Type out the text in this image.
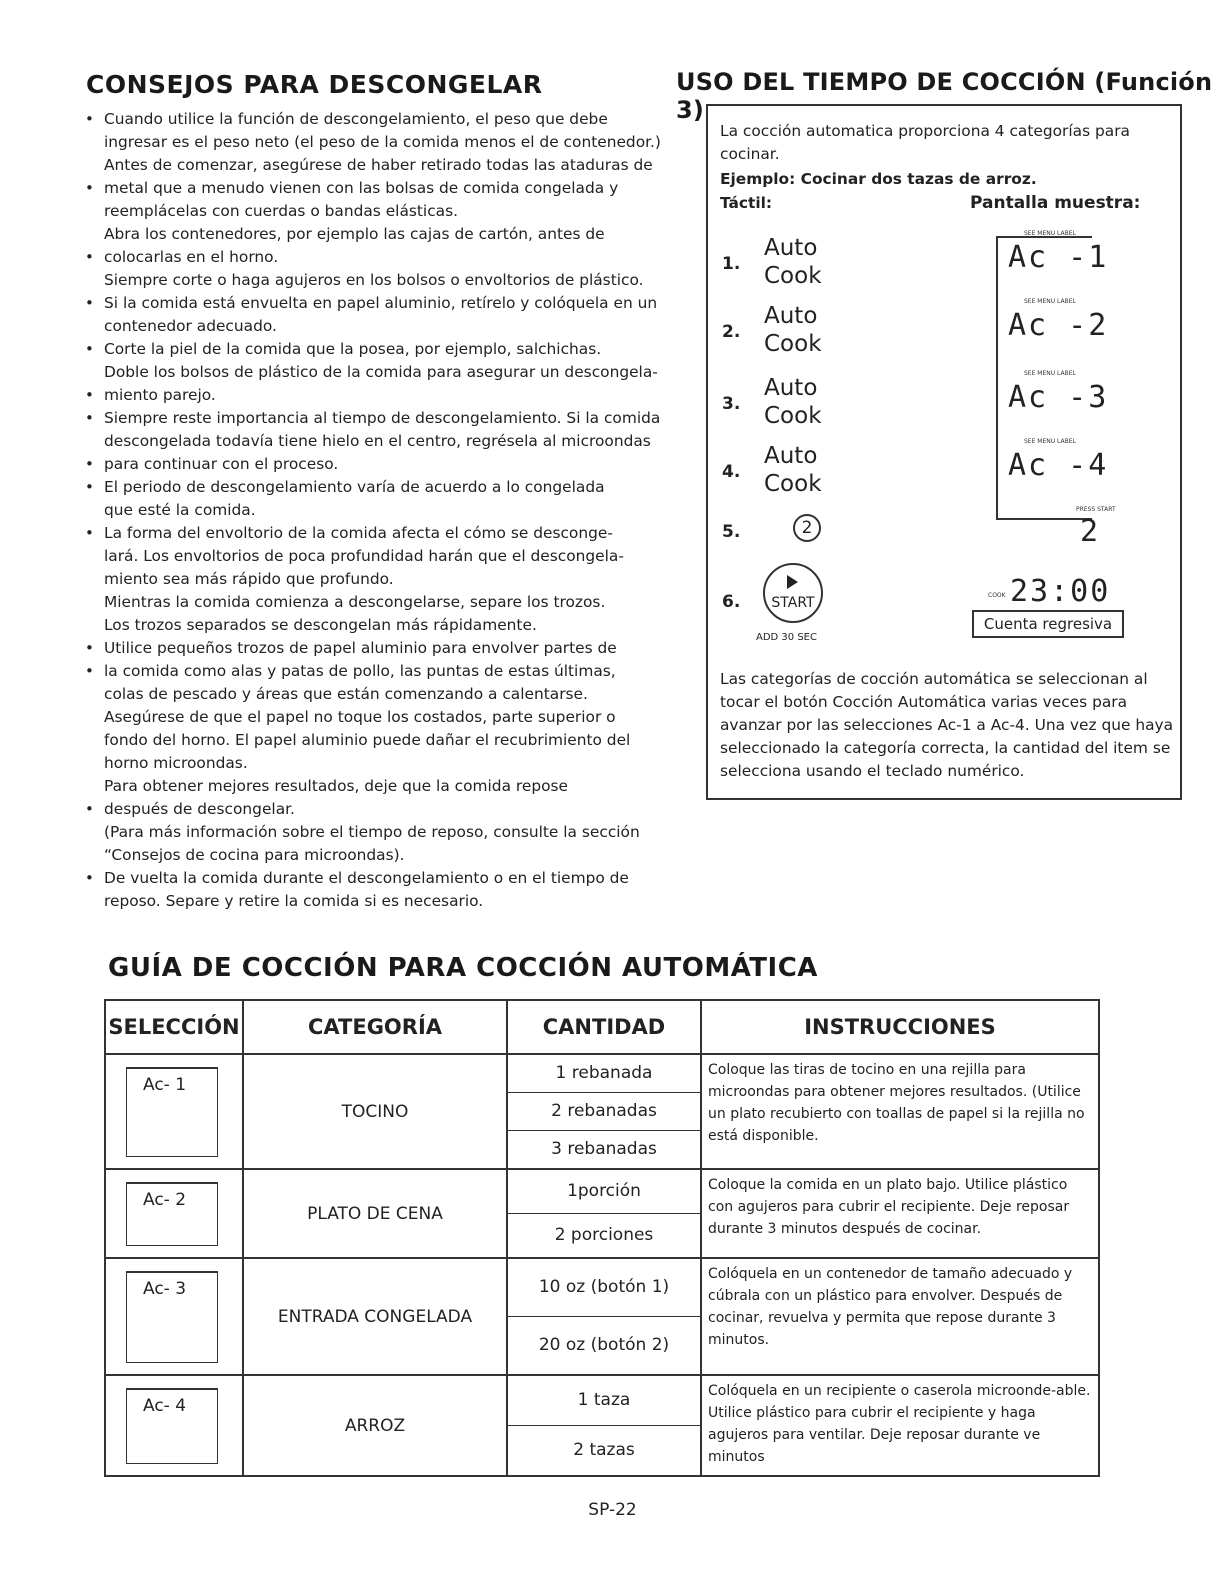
CONSEJOS PARA DESCONGELAR	USO DEL TIEMPO DE COCCIÓN (Función 3)
• Cuando utilice la función de descongelamiento, el peso que debe
ingresar es el peso neto (el peso de la comida menos el de contenedor.)
Antes de comenzar, asegúrese de haber retirado todas las ataduras de
• metal que a menudo vienen con las bolsas de comida congelada y
reemplácelas con cuerdas o bandas elásticas.
Abra los contenedores, por ejemplo las cajas de cartón, antes de
• colocarlas en el horno.
Siempre corte o haga agujeros en los bolsos o envoltorios de plástico.
• Si la comida está envuelta en papel aluminio, retírelo y colóquela en un
contenedor adecuado.
• Corte la piel de la comida que la posea, por ejemplo, salchichas.
Doble los bolsos de plástico de la comida para asegurar un descongela-
• miento parejo.
• Siempre reste importancia al tiempo de descongelamiento. Si la comida
descongelada todavía tiene hielo en el centro, regrésela al microondas
• para continuar con el proceso.
• El periodo de descongelamiento varía de acuerdo a lo congelada
que esté la comida.
• La forma del envoltorio de la comida afecta el cómo se desconge-
lará. Los envoltorios de poca profundidad harán que el descongela-
miento sea más rápido que profundo.
Mientras la comida comienza a descongelarse, separe los trozos.
Los trozos separados se descongelan más rápidamente.
• Utilice pequeños trozos de papel aluminio para envolver partes de
• la comida como alas y patas de pollo, las puntas de estas últimas,
colas de pescado y áreas que están comenzando a calentarse.
Asegúrese de que el papel no toque los costados, parte superior o
fondo del horno. El papel aluminio puede dañar el recubrimiento del
horno microondas.
Para obtener mejores resultados, deje que la comida repose
• después de descongelar.
(Para más información sobre el tiempo de reposo, consulte la sección
“Consejos de cocina para microondas).
• De vuelta la comida durante el descongelamiento o en el tiempo de
reposo. Separe y retire la comida si es necesario.
La cocción automatica proporciona 4 categorías para cocinar.
Ejemplo: Cocinar dos tazas de arroz.
Táctil:	Pantalla muestra:
1.
Auto
Cook
SEE MENU LABEL
Ac -1
2.
Auto
Cook
SEE MENU LABEL
Ac -2
3.
Auto
Cook
SEE MENU LABEL
Ac -3
4.
Auto
Cook
SEE MENU LABEL
Ac -4
5.	2
PRESS START
2
6.	START
ADD 30 SEC
COOK 23:00
Cuenta regresiva
Las categorías de cocción automática se seleccionan al tocar el botón Cocción Automática varias veces para avanzar por las selecciones Ac-1 a Ac-4. Una vez que haya seleccionado la categoría correcta, la cantidad del item se selecciona usando el teclado numérico.
GUÍA DE COCCIÓN PARA COCCIÓN AUTOMÁTICA
SELECCIÓN	CATEGORÍA	CANTIDAD	INSTRUCCIONES
Ac- 1	TOCINO	1 rebanada
2 rebanadas
3 rebanadas	Coloque las tiras de tocino en una rejilla para microondas para obtener mejores resultados. (Utilice un plato recubierto con toallas de papel si la rejilla no está disponible.
Ac- 2	PLATO DE CENA	1porción
2 porciones	Coloque la comida en un plato bajo. Utilice plástico con agujeros para cubrir el recipiente. Deje reposar durante 3 minutos después de cocinar.
Ac- 3	ENTRADA CONGELADA	10 oz (botón 1)
20 oz (botón 2)	Colóquela en un contenedor de tamaño adecuado y cúbrala con un plástico para envolver. Después de cocinar, revuelva y permita que repose durante 3 minutos.
Ac- 4	ARROZ	1 taza
2 tazas	Colóquela en un recipiente o caserola microonde-able. Utilice plástico para cubrir el recipiente y haga agujeros para ventilar. Deje reposar durante ve minutos
SP-22
